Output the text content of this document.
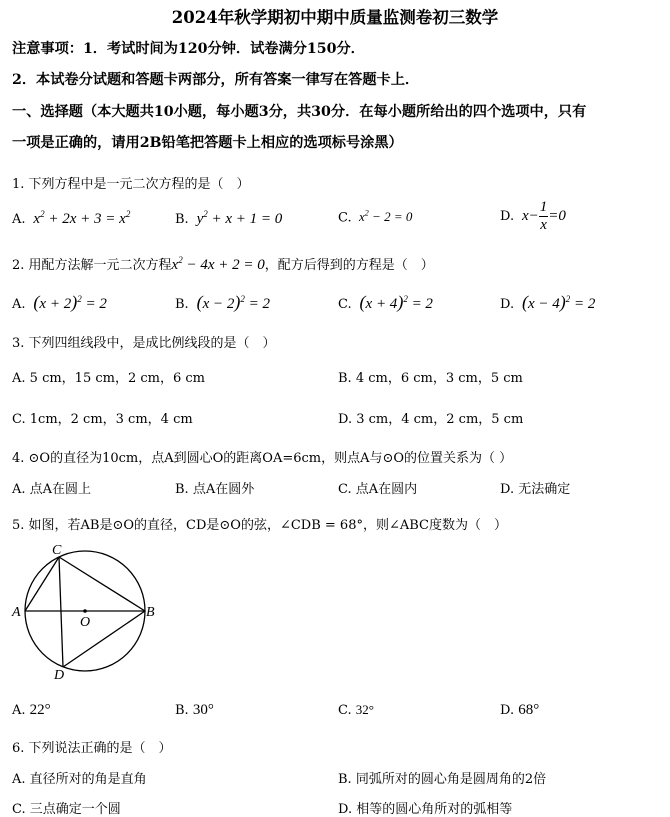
2024年秋学期初中期中质量监测卷初三数学
注意事项：1．考试时间为120分钟．试卷满分150分．
2．本试卷分试题和答题卡两部分，所有答案一律写在答题卡上．
一、选择题（本大题共10小题，每小题3分，共30分．在每小题所给出的四个选项中，只有
一项是正确的，请用2B铅笔把答题卡上相应的选项标号涂黑）
1. 下列方程中是一元二次方程的是（　）
A.  $x^2 + 2x + 3 = x^2$	B.  $y^2 + x + 1 = 0$	C.  $x^2 - 2 = 0$	D.  $x- \frac{1}{x} =0$
2. 用配方法解一元二次方程$x^2 - 4x + 2 = 0$，配方后得到的方程是（　）
A. $(x + 2)^2 = 2$	B. $(x - 2)^2 = 2$	C. $(x + 4)^2 = 2$	D. $(x - 4)^2 = 2$
3. 下列四组线段中，是成比例线段的是（　）
A. 5 cm，15 cm，2 cm，6 cm	B. 4 cm，6 cm，3 cm，5 cm
C. 1cm，2 cm，3 cm，4 cm	D. 3 cm，4 cm，2 cm，5 cm
4. ⊙O的直径为10cm，点A到圆心O的距离OA=6cm，则点A与⊙O的位置关系为（ ）
A. 点A在圆上	B. 点A在圆外	C. 点A在圆内	D. 无法确定
5. 如图，若AB是⊙O的直径，CD是⊙O的弦，∠CDB = 68°，则∠ABC度数为（　）
A	B
C
D
O
A. 22°	B. 30°	C. 32°	D. 68°
6. 下列说法正确的是（　）
A. 直径所对的角是直角	B. 同弧所对的圆心角是圆周角的2倍
C. 三点确定一个圆	D. 相等的圆心角所对的弧相等
